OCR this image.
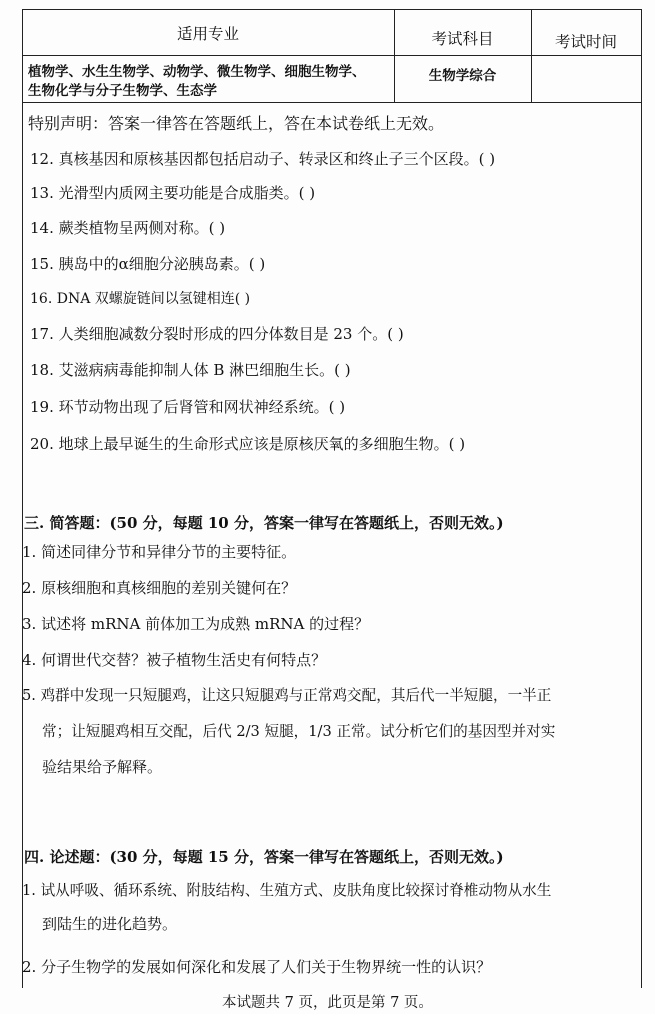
适用专业	考试科目	考试时间
植物学、水生生物学、动物学、微生物学、细胞生物学、
生物化学与分子生物学、生态学
生物学综合
特别声明：答案一律答在答题纸上，答在本试卷纸上无效。
12. 真核基因和原核基因都包括启动子、转录区和终止子三个区段。( )
13. 光滑型内质网主要功能是合成脂类。( )
14. 蕨类植物呈两侧对称。( )
15. 胰岛中的α细胞分泌胰岛素。( )
16. DNA 双螺旋链间以氢键相连( )
17. 人类细胞减数分裂时形成的四分体数目是 23 个。( )
18. 艾滋病病毒能抑制人体 B 淋巴细胞生长。( )
19. 环节动物出现了后肾管和网状神经系统。( )
20. 地球上最早诞生的生命形式应该是原核厌氧的多细胞生物。( )
三. 简答题：(50 分，每题 10 分，答案一律写在答题纸上，否则无效。)
1. 简述同律分节和异律分节的主要特征。
2. 原核细胞和真核细胞的差别关键何在？
3. 试述将 mRNA 前体加工为成熟 mRNA 的过程？
4. 何谓世代交替？被子植物生活史有何特点？
5. 鸡群中发现一只短腿鸡，让这只短腿鸡与正常鸡交配，其后代一半短腿，一半正
常；让短腿鸡相互交配，后代 2/3 短腿，1/3 正常。试分析它们的基因型并对实
验结果给予解释。
四. 论述题：(30 分，每题 15 分，答案一律写在答题纸上，否则无效。)
1. 试从呼吸、循环系统、附肢结构、生殖方式、皮肤角度比较探讨脊椎动物从水生
到陆生的进化趋势。
2. 分子生物学的发展如何深化和发展了人们关于生物界统一性的认识？
本试题共 7 页，此页是第 7 页。
